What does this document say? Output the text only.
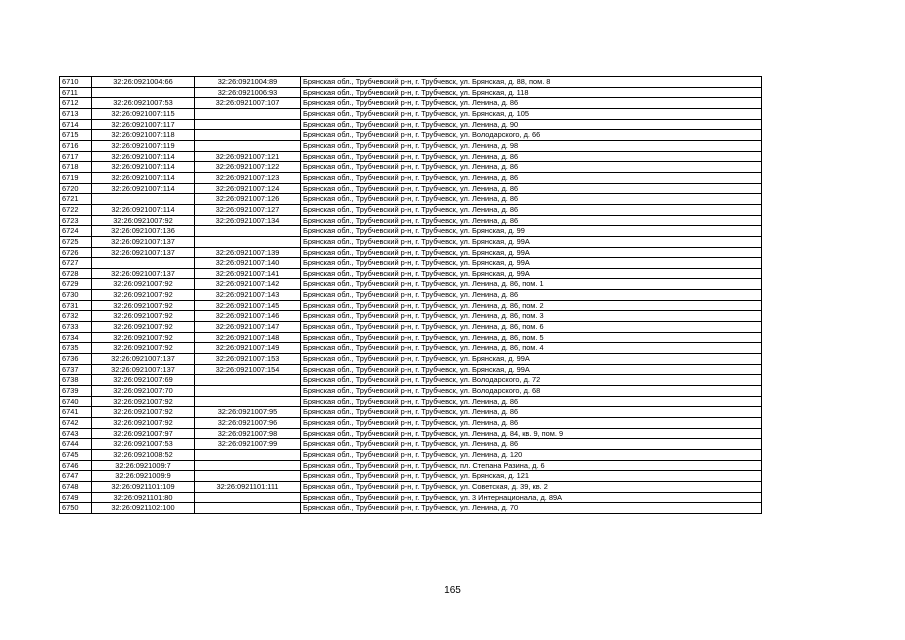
6710	32:26:0921004:66	32:26:0921004:89	Брянская обл., Трубчевский р-н, г. Трубчевск, ул. Брянская, д. 88, пом. 8
6711		32:26:0921006:93	Брянская обл., Трубчевский р-н, г. Трубчевск, ул. Брянская, д. 118
6712	32:26:0921007:53	32:26:0921007:107	Брянская обл., Трубчевский р-н, г. Трубчевск, ул. Ленина, д. 86
6713	32:26:0921007:115		Брянская обл., Трубчевский р-н, г. Трубчевск, ул. Брянская, д. 105
6714	32:26:0921007:117		Брянская обл., Трубчевский р-н, г. Трубчевск, ул. Ленина, д. 90
6715	32:26:0921007:118		Брянская обл., Трубчевский р-н, г. Трубчевск, ул. Володарского, д. 66
6716	32:26:0921007:119		Брянская обл., Трубчевский р-н, г. Трубчевск, ул. Ленина, д. 98
6717	32:26:0921007:114	32:26:0921007:121	Брянская обл., Трубчевский р-н, г. Трубчевск, ул. Ленина, д. 86
6718	32:26:0921007:114	32:26:0921007:122	Брянская обл., Трубчевский р-н, г. Трубчевск, ул. Ленина, д. 86
6719	32:26:0921007:114	32:26:0921007:123	Брянская обл., Трубчевский р-н, г. Трубчевск, ул. Ленина, д. 86
6720	32:26:0921007:114	32:26:0921007:124	Брянская обл., Трубчевский р-н, г. Трубчевск, ул. Ленина, д. 86
6721		32:26:0921007:126	Брянская обл., Трубчевский р-н, г. Трубчевск, ул. Ленина, д. 86
6722	32:26:0921007:114	32:26:0921007:127	Брянская обл., Трубчевский р-н, г. Трубчевск, ул. Ленина, д. 86
6723	32:26:0921007:92	32:26:0921007:134	Брянская обл., Трубчевский р-н, г. Трубчевск, ул. Ленина, д. 86
6724	32:26:0921007:136		Брянская обл., Трубчевский р-н, г. Трубчевск, ул. Брянская, д. 99
6725	32:26:0921007:137		Брянская обл., Трубчевский р-н, г. Трубчевск, ул. Брянская, д. 99А
6726	32:26:0921007:137	32:26:0921007:139	Брянская обл., Трубчевский р-н, г. Трубчевск, ул. Брянская, д. 99А
6727		32:26:0921007:140	Брянская обл., Трубчевский р-н, г. Трубчевск, ул. Брянская, д. 99А
6728	32:26:0921007:137	32:26:0921007:141	Брянская обл., Трубчевский р-н, г. Трубчевск, ул. Брянская, д. 99А
6729	32:26:0921007:92	32:26:0921007:142	Брянская обл., Трубчевский р-н, г. Трубчевск, ул. Ленина, д. 86, пом. 1
6730	32:26:0921007:92	32:26:0921007:143	Брянская обл., Трубчевский р-н, г. Трубчевск, ул. Ленина, д. 86
6731	32:26:0921007:92	32:26:0921007:145	Брянская обл., Трубчевский р-н, г. Трубчевск, ул. Ленина, д. 86, пом. 2
6732	32:26:0921007:92	32:26:0921007:146	Брянская обл., Трубчевский р-н, г. Трубчевск, ул. Ленина, д. 86, пом. 3
6733	32:26:0921007:92	32:26:0921007:147	Брянская обл., Трубчевский р-н, г. Трубчевск, ул. Ленина, д. 86, пом. 6
6734	32:26:0921007:92	32:26:0921007:148	Брянская обл., Трубчевский р-н, г. Трубчевск, ул. Ленина, д. 86, пом. 5
6735	32:26:0921007:92	32:26:0921007:149	Брянская обл., Трубчевский р-н, г. Трубчевск, ул. Ленина, д. 86, пом. 4
6736	32:26:0921007:137	32:26:0921007:153	Брянская обл., Трубчевский р-н, г. Трубчевск, ул. Брянская, д. 99А
6737	32:26:0921007:137	32:26:0921007:154	Брянская обл., Трубчевский р-н, г. Трубчевск, ул. Брянская, д. 99А
6738	32:26:0921007:69		Брянская обл., Трубчевский р-н, г. Трубчевск, ул. Володарского, д. 72
6739	32:26:0921007:70		Брянская обл., Трубчевский р-н, г. Трубчевск, ул. Володарского, д. 68
6740	32:26:0921007:92		Брянская обл., Трубчевский р-н, г. Трубчевск, ул. Ленина, д. 86
6741	32:26:0921007:92	32:26:0921007:95	Брянская обл., Трубчевский р-н, г. Трубчевск, ул. Ленина, д. 86
6742	32:26:0921007:92	32:26:0921007:96	Брянская обл., Трубчевский р-н, г. Трубчевск, ул. Ленина, д. 86
6743	32:26:0921007:97	32:26:0921007:98	Брянская обл., Трубчевский р-н, г. Трубчевск, ул. Ленина, д. 84, кв. 9, пом. 9
6744	32:26:0921007:53	32:26:0921007:99	Брянская обл., Трубчевский р-н, г. Трубчевск, ул. Ленина, д. 86
6745	32:26:0921008:52		Брянская обл., Трубчевский р-н, г. Трубчевск, ул. Ленина, д. 120
6746	32:26:0921009:7		Брянская обл., Трубчевский р-н, г. Трубчевск, пл. Степана Разина, д. 6
6747	32:26:0921009:9		Брянская обл., Трубчевский р-н, г. Трубчевск, ул. Брянская, д. 121
6748	32:26:0921101:109	32:26:0921101:111	Брянская обл., Трубчевский р-н, г. Трубчевск, ул. Советская, д. 39, кв. 2
6749	32:26:0921101:80		Брянская обл., Трубчевский р-н, г. Трубчевск, ул. 3 Интернационала, д. 89А
6750	32:26:0921102:100		Брянская обл., Трубчевский р-н, г. Трубчевск, ул. Ленина, д. 70
165
